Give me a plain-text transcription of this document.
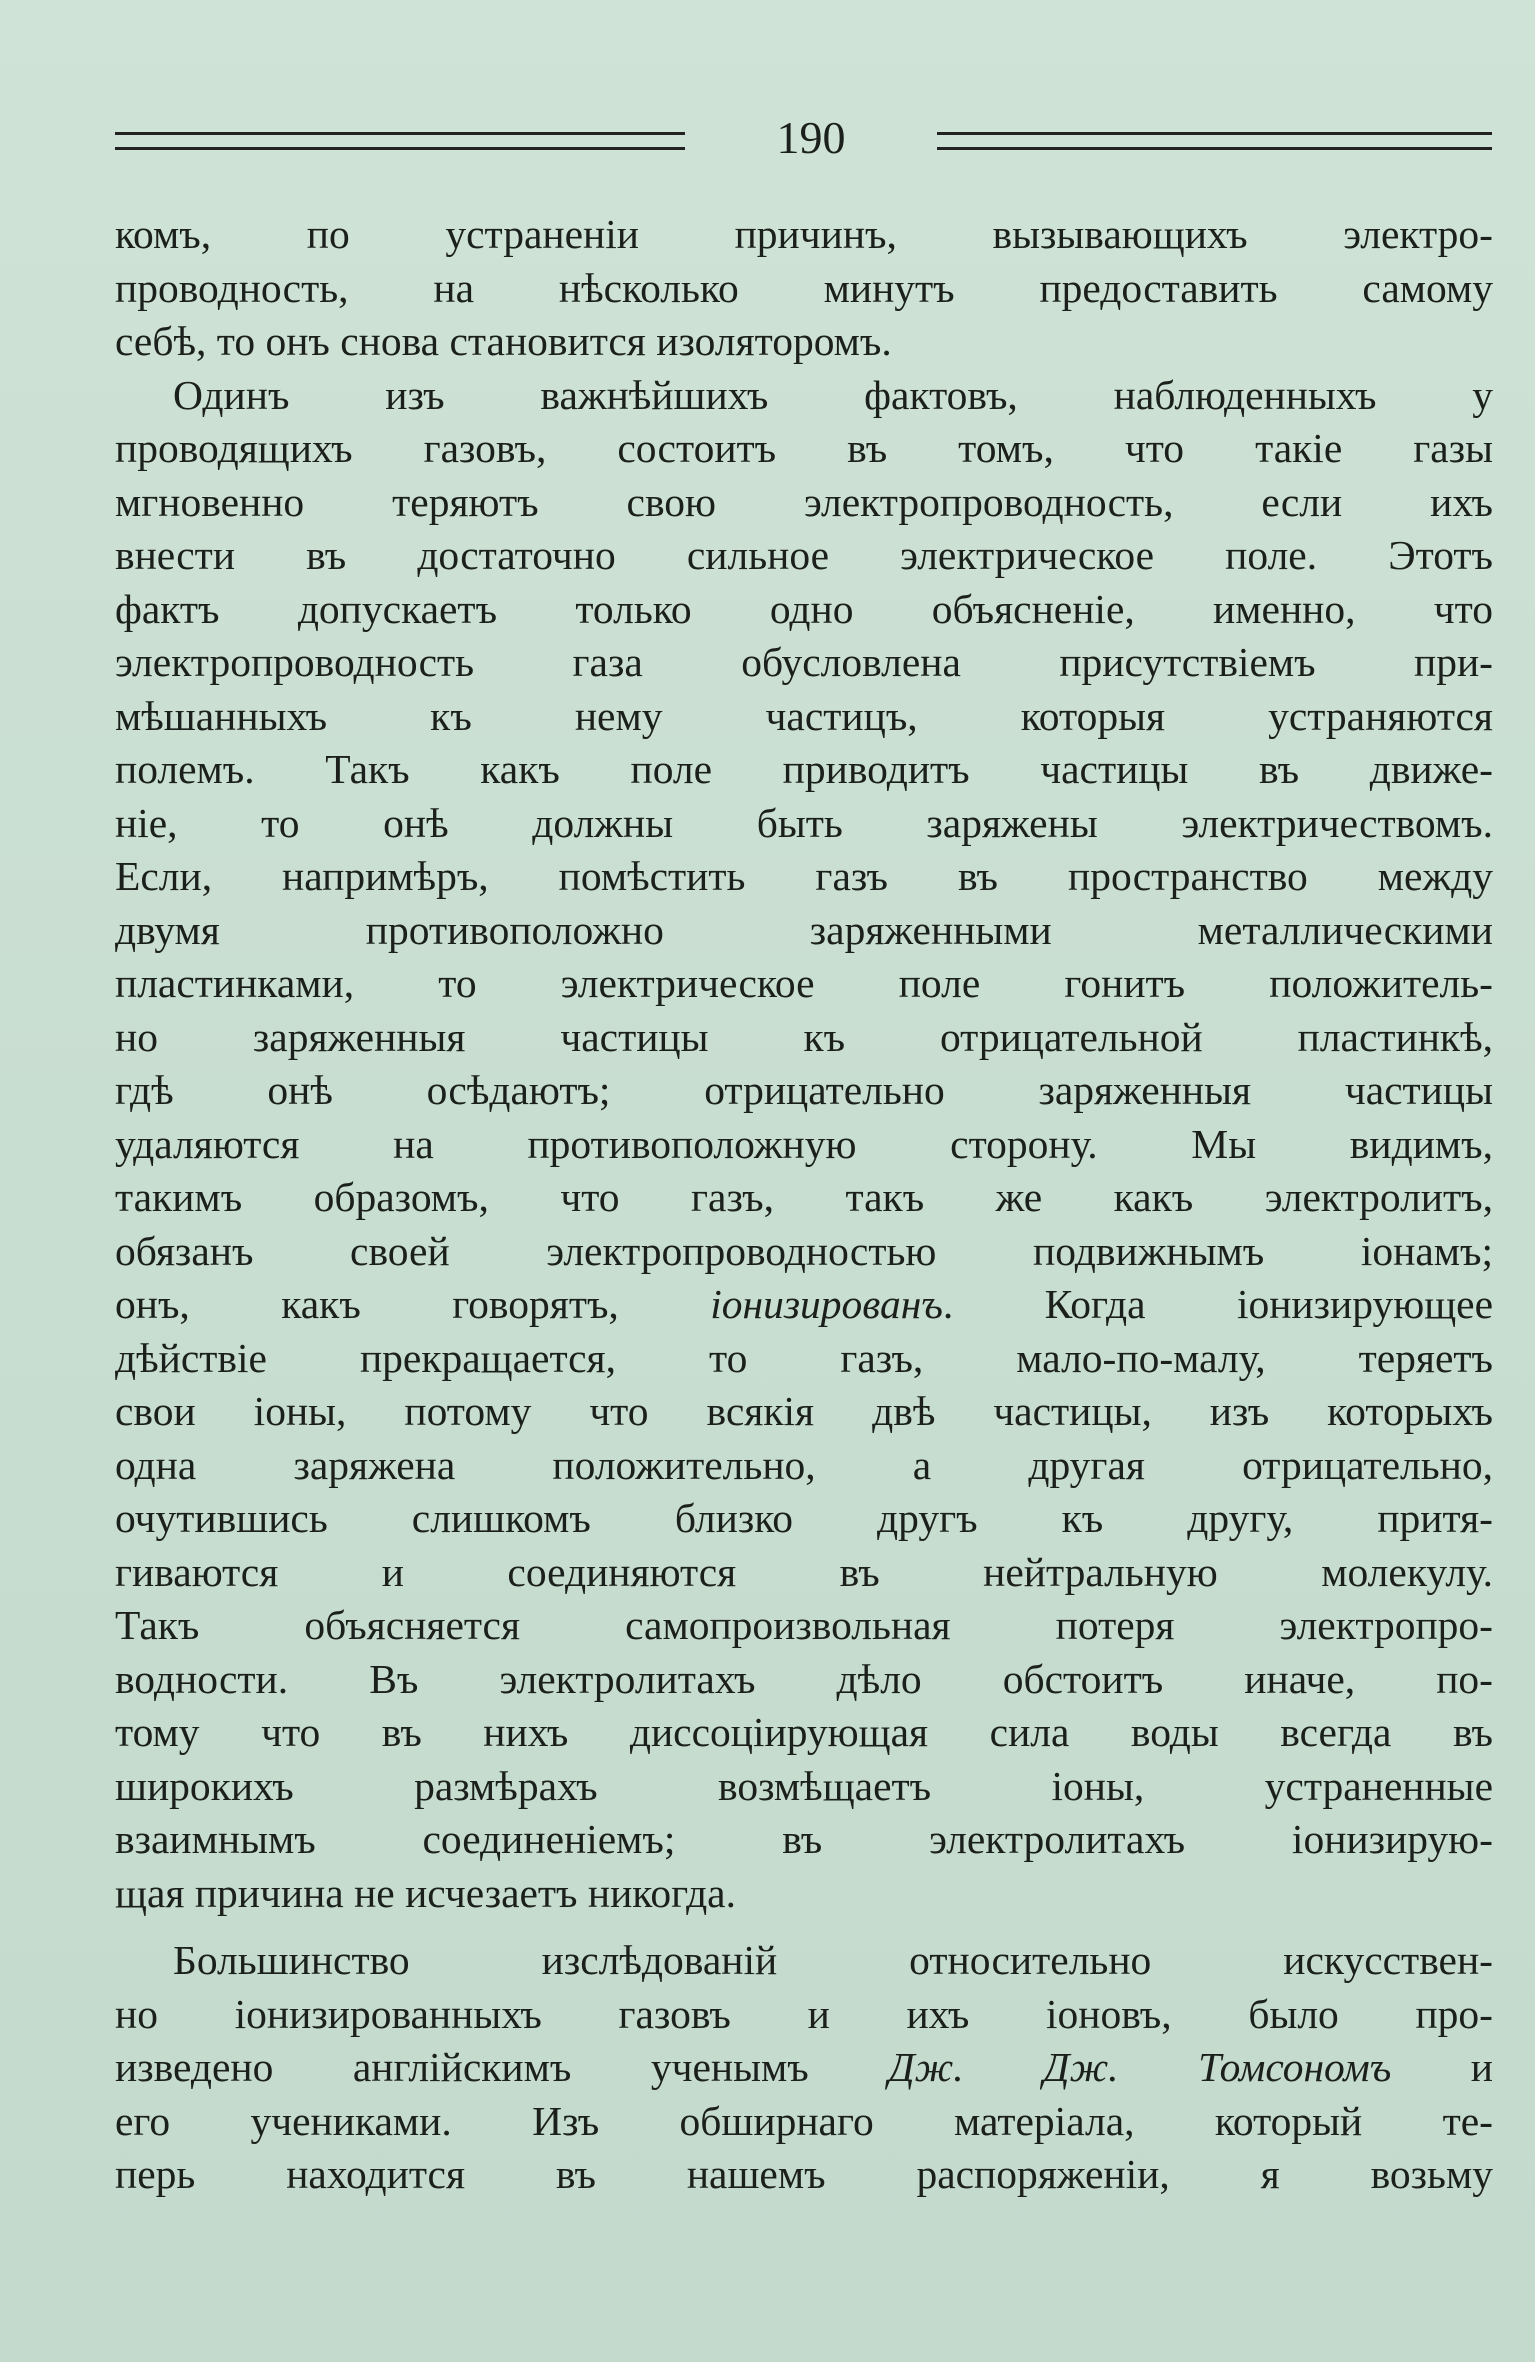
190
комъ, по устраненіи причинъ, вызывающихъ электро-
проводность, на нѣсколько минутъ предоставить самому
себѣ, то онъ снова становится изоляторомъ.
Одинъ изъ важнѣйшихъ фактовъ, наблюденныхъ у
проводящихъ газовъ, состоитъ въ томъ, что такіе газы
мгновенно теряютъ свою электропроводность, если ихъ
внести въ достаточно сильное электрическое поле. Этотъ
фактъ допускаетъ только одно объясненіе, именно, что
электропроводность газа обусловлена присутствіемъ при-
мѣшанныхъ къ нему частицъ, которыя устраняются
полемъ. Такъ какъ поле приводитъ частицы въ движе-
ніе, то онѣ должны быть заряжены электричествомъ.
Если, напримѣръ, помѣстить газъ въ пространство между
двумя противоположно заряженными металлическими
пластинками, то электрическое поле гонитъ положитель-
но заряженныя частицы къ отрицательной пластинкѣ,
гдѣ онѣ осѣдаютъ; отрицательно заряженныя частицы
удаляются на противоположную сторону. Мы видимъ,
такимъ образомъ, что газъ, такъ же какъ электролитъ,
обязанъ своей электропроводностью подвижнымъ іонамъ;
онъ, какъ говорятъ, іонизированъ. Когда іонизирующее
дѣйствіе прекращается, то газъ, мало-по-малу, теряетъ
свои іоны, потому что всякія двѣ частицы, изъ которыхъ
одна заряжена положительно, а другая отрицательно,
очутившись слишкомъ близко другъ къ другу, притя-
гиваются и соединяются въ нейтральную молекулу.
Такъ объясняется самопроизвольная потеря электропро-
водности. Въ электролитахъ дѣло обстоитъ иначе, по-
тому что въ нихъ диссоціирующая сила воды всегда въ
широкихъ размѣрахъ возмѣщаетъ іоны, устраненные
взаимнымъ соединеніемъ; въ электролитахъ іонизирую-
щая причина не исчезаетъ никогда.
Большинство изслѣдованій относительно искусствен-
но іонизированныхъ газовъ и ихъ іоновъ, было про-
изведено англійскимъ ученымъ Дж. Дж. Томсономъ и
его учениками. Изъ обширнаго матеріала, который те-
перь находится въ нашемъ распоряженіи, я возьму
